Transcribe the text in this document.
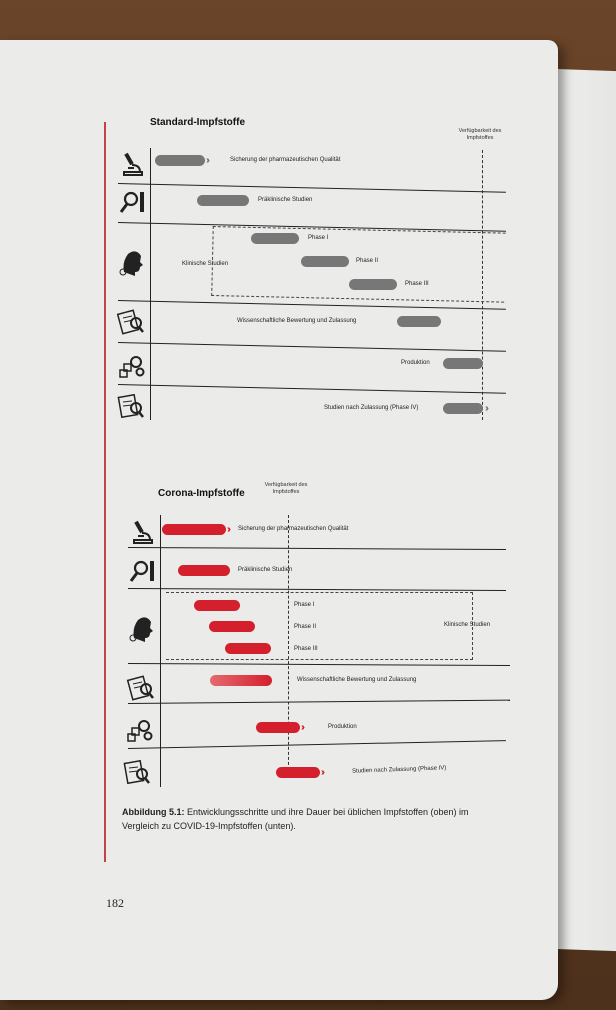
Standard-Impfstoffe
Verfügbarkeit des Impfstoffes
›››	Sicherung der pharmazeutischen Qualität
Präklinische Studien
Klinische Studien
Phase I
Phase II
Phase III
Wissenschaftliche Bewertung und Zulassung
Produktion
Studien nach Zulassung (Phase IV)	›››
Corona-Impfstoffe
Verfügbarkeit des Impfstoffes
››› Sicherung der pharmazeutischen Qualität
Präklinische Studien
Phase I
Phase II
Phase III
Klinische Studien
Wissenschaftliche Bewertung und Zulassung
›››	Produktion
›››	Studien nach Zulassung (Phase IV)
Abbildung 5.1: Entwicklungsschritte und ihre Dauer bei üblichen Impfstoffen (oben) im Vergleich zu COVID-19-Impfstoffen (unten).
182
